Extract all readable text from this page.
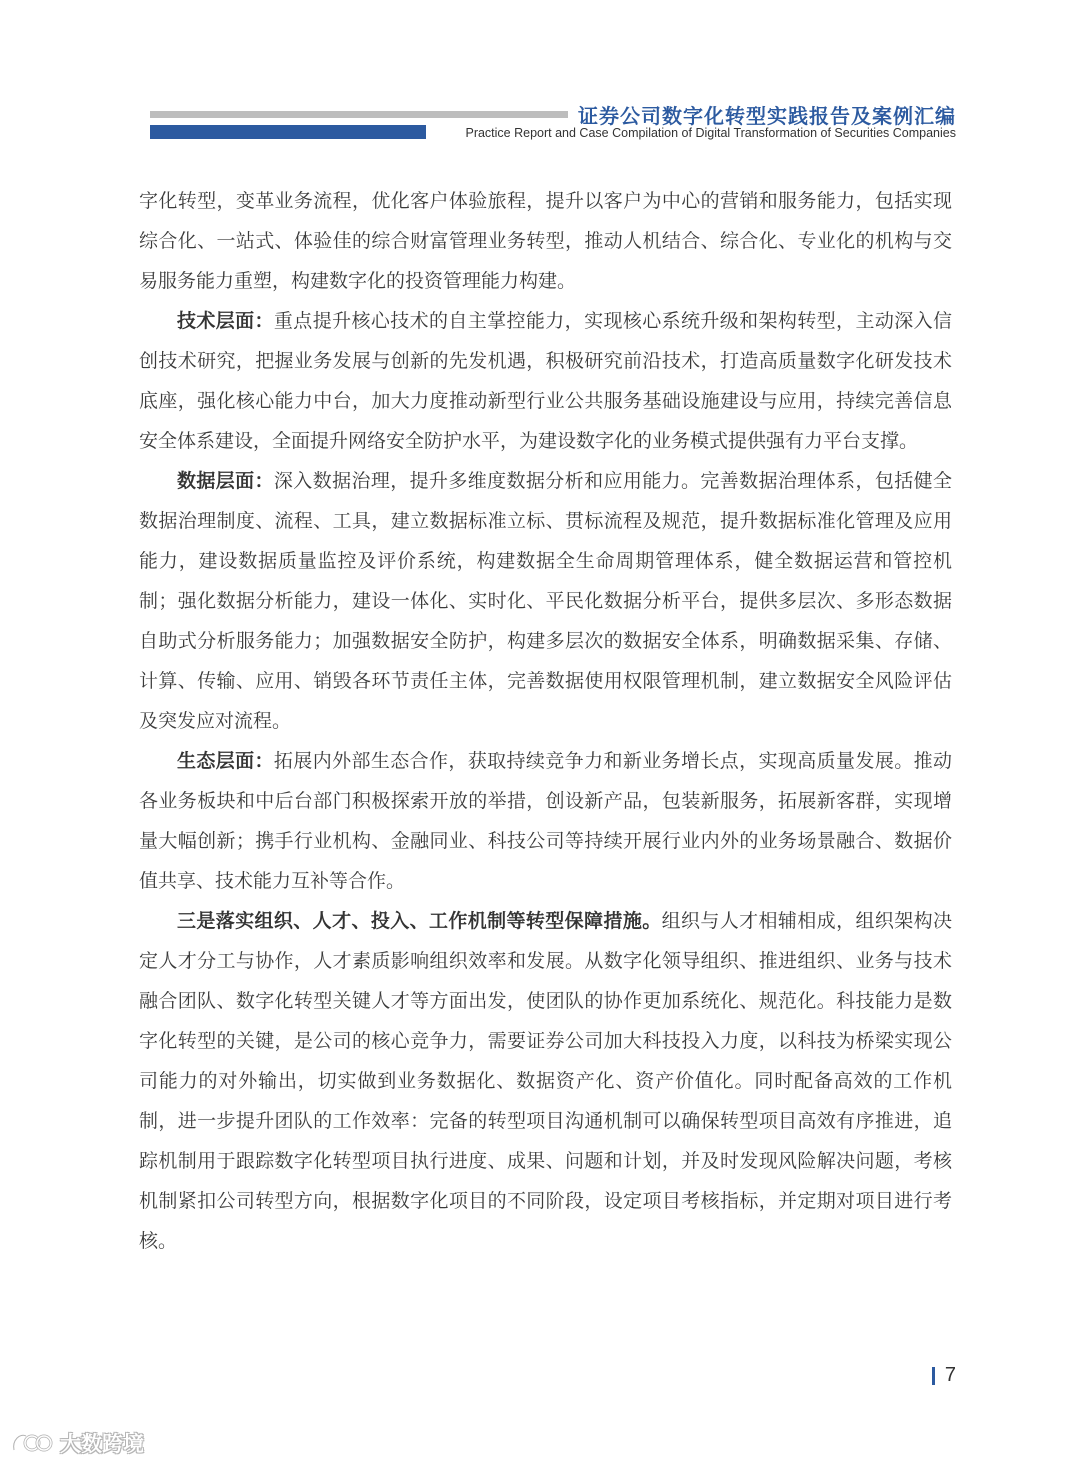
证券公司数字化转型实践报告及案例汇编
Practice Report and Case Compilation of Digital Transformation of Securities Companies

字化转型，变革业务流程，优化客户体验旅程，提升以客户为中心的营销和服务能力，包括实现综合化、一站式、体验佳的综合财富管理业务转型，推动人机结合、综合化、专业化的机构与交易服务能力重塑，构建数字化的投资管理能力构建。

技术层面：重点提升核心技术的自主掌控能力，实现核心系统升级和架构转型，主动深入信创技术研究，把握业务发展与创新的先发机遇，积极研究前沿技术，打造高质量数字化研发技术底座，强化核心能力中台，加大力度推动新型行业公共服务基础设施建设与应用，持续完善信息安全体系建设，全面提升网络安全防护水平，为建设数字化的业务模式提供强有力平台支撑。

数据层面：深入数据治理，提升多维度数据分析和应用能力。完善数据治理体系，包括健全数据治理制度、流程、工具，建立数据标准立标、贯标流程及规范，提升数据标准化管理及应用能力，建设数据质量监控及评价系统，构建数据全生命周期管理体系，健全数据运营和管控机制；强化数据分析能力，建设一体化、实时化、平民化数据分析平台，提供多层次、多形态数据自助式分析服务能力；加强数据安全防护，构建多层次的数据安全体系，明确数据采集、存储、计算、传输、应用、销毁各环节责任主体，完善数据使用权限管理机制，建立数据安全风险评估及突发应对流程。

生态层面：拓展内外部生态合作，获取持续竞争力和新业务增长点，实现高质量发展。推动各业务板块和中后台部门积极探索开放的举措，创设新产品，包装新服务，拓展新客群，实现增量大幅创新；携手行业机构、金融同业、科技公司等持续开展行业内外的业务场景融合、数据价值共享、技术能力互补等合作。

三是落实组织、人才、投入、工作机制等转型保障措施。组织与人才相辅相成，组织架构决定人才分工与协作，人才素质影响组织效率和发展。从数字化领导组织、推进组织、业务与技术融合团队、数字化转型关键人才等方面出发，使团队的协作更加系统化、规范化。科技能力是数字化转型的关键，是公司的核心竞争力，需要证券公司加大科技投入力度，以科技为桥梁实现公司能力的对外输出，切实做到业务数据化、数据资产化、资产价值化。同时配备高效的工作机制，进一步提升团队的工作效率：完备的转型项目沟通机制可以确保转型项目高效有序推进，追踪机制用于跟踪数字化转型项目执行进度、成果、问题和计划，并及时发现风险解决问题，考核机制紧扣公司转型方向，根据数字化项目的不同阶段，设定项目考核指标，并定期对项目进行考核。

7
大数跨境
